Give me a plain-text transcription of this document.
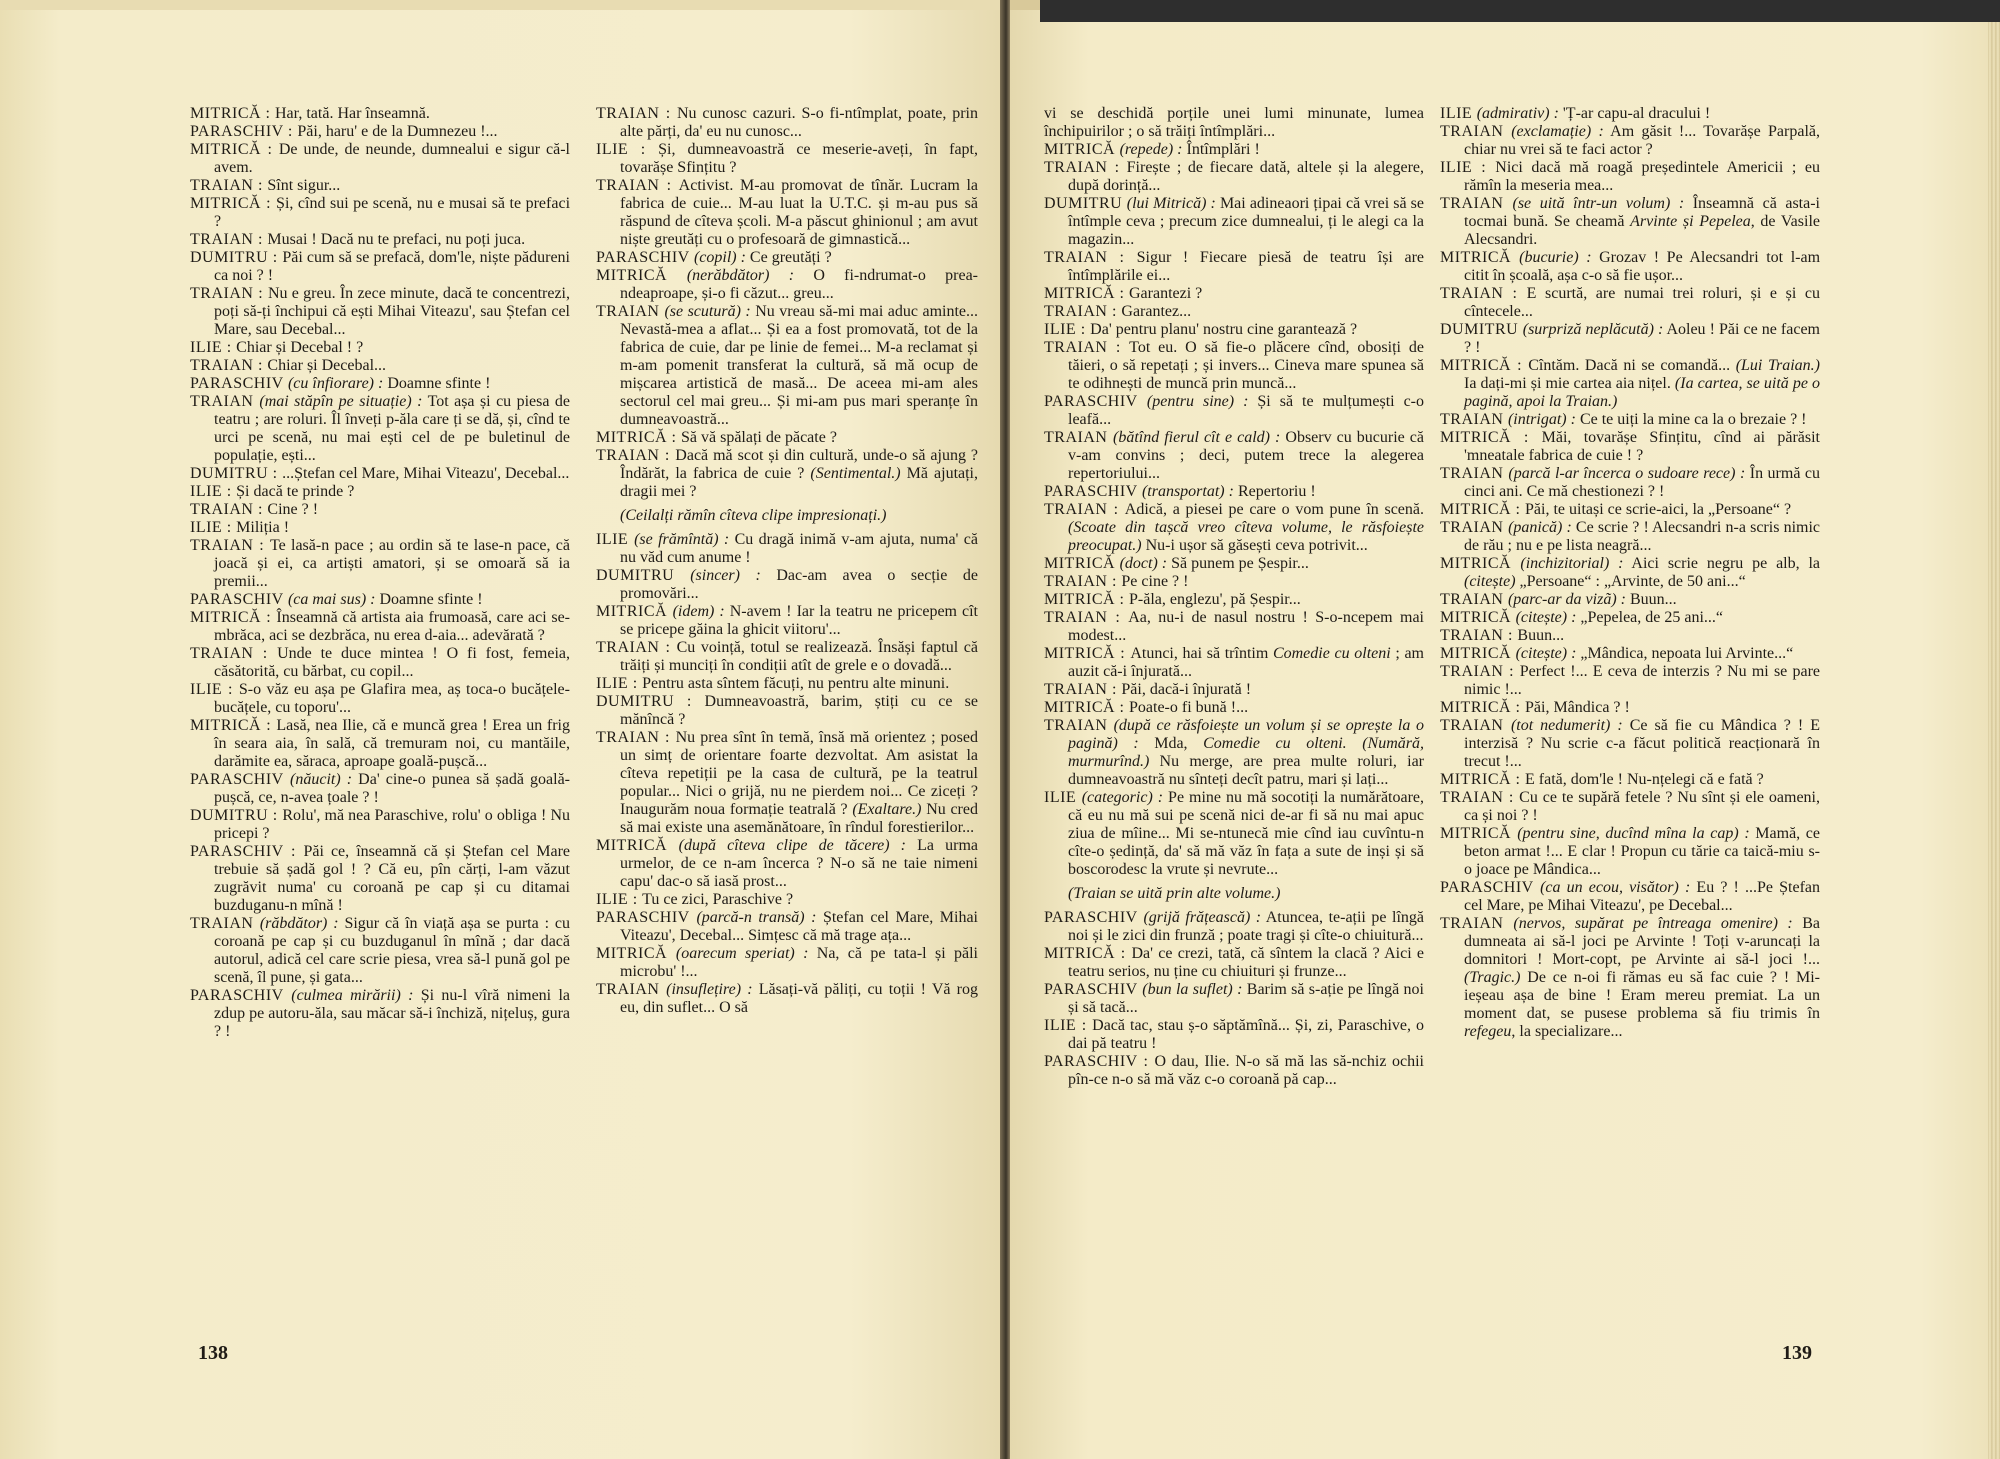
MITRICĂ : Har, tată. Har înseamnă.

PARASCHIV : Păi, haru' e de la Dumnezeu !...

MITRICĂ : De unde, de neunde, dumnealui e sigur că-l avem.

TRAIAN : Sînt sigur...

MITRICĂ : Și, cînd sui pe scenă, nu e musai să te prefaci ?

TRAIAN : Musai ! Dacă nu te prefaci, nu poți juca.

DUMITRU : Păi cum să se prefacă, dom'le, niște pădureni ca noi ? !

TRAIAN : Nu e greu. În zece minute, dacă te concentrezi, poți să-ți închipui că ești Mihai Viteazu', sau Ștefan cel Mare, sau Decebal...

ILIE : Chiar și Decebal ! ?

TRAIAN : Chiar și Decebal...

PARASCHIV (cu înfiorare) : Doamne sfinte !

TRAIAN (mai stăpîn pe situație) : Tot așa și cu piesa de teatru ; are roluri. Îl înveți p-ăla care ți se dă, și, cînd te urci pe scenă, nu mai ești cel de pe buletinul de populație, ești...

DUMITRU : ...Ștefan cel Mare, Mihai Viteazu', Decebal...

ILIE : Și dacă te prinde ?

TRAIAN : Cine ? !

ILIE : Miliția !

TRAIAN : Te lasă-n pace ; au ordin să te lase-n pace, că joacă și ei, ca artiști amatori, și se omoară să ia premii...

PARASCHIV (ca mai sus) : Doamne sfinte !

MITRICĂ : Înseamnă că artista aia frumoasă, care aci se-mbrăca, aci se dezbrăca, nu erea d-aia... adevărată ?

TRAIAN : Unde te duce mintea ! O fi fost, femeia, căsătorită, cu bărbat, cu copil...

ILIE : S-o văz eu așa pe Glafira mea, aș toca-o bucățele-bucățele, cu toporu'...

MITRICĂ : Lasă, nea Ilie, că e muncă grea ! Erea un frig în seara aia, în sală, că tremuram noi, cu mantăile, darămite ea, săraca, aproape goală-pușcă...

PARASCHIV (năucit) : Da' cine-o punea să șadă goală-pușcă, ce, n-avea țoale ? !

DUMITRU : Rolu', mă nea Paraschive, rolu' o obliga ! Nu pricepi ?

PARASCHIV : Păi ce, înseamnă că și Ștefan cel Mare trebuie să șadă gol ! ? Că eu, pîn cărți, l-am văzut zugrăvit numa' cu coroană pe cap și cu ditamai buzduganu-n mînă !

TRAIAN (răbdător) : Sigur că în viață așa se purta : cu coroană pe cap și cu buzduganul în mînă ; dar dacă autorul, adică cel care scrie piesa, vrea să-l pună gol pe scenă, îl pune, și gata...

PARASCHIV (culmea mirării) : Și nu-l vîră nimeni la zdup pe autoru-ăla, sau măcar să-i închiză, nițeluș, gura ? !

TRAIAN : Nu cunosc cazuri. S-o fi-ntîmplat, poate, prin alte părți, da' eu nu cunosc...

ILIE : Și, dumneavoastră ce meserie-aveți, în fapt, tovarășe Sfințitu ?

TRAIAN : Activist. M-au promovat de tînăr. Lucram la fabrica de cuie... M-au luat la U.T.C. și m-au pus să răspund de cîteva școli. M-a păscut ghinionul ; am avut niște greutăți cu o profesoară de gimnastică...

PARASCHIV (copil) : Ce greutăți ?

MITRICĂ (nerăbdător) : O fi-ndrumat-o prea-ndeaproape, și-o fi căzut... greu...

TRAIAN (se scutură) : Nu vreau să-mi mai aduc aminte... Nevastă-mea a aflat... Și ea a fost promovată, tot de la fabrica de cuie, dar pe linie de femei... M-a reclamat și m-am pomenit transferat la cultură, să mă ocup de mișcarea artistică de masă... De aceea mi-am ales sectorul cel mai greu... Și mi-am pus mari speranțe în dumneavoastră...

MITRICĂ : Să vă spălați de păcate ?

TRAIAN : Dacă mă scot și din cultură, unde-o să ajung ? Îndărăt, la fabrica de cuie ? (Sentimental.) Mă ajutați, dragii mei ?

(Ceilalți rămîn cîteva clipe impresionați.)

ILIE (se frămîntă) : Cu dragă inimă v-am ajuta, numa' că nu văd cum anume !

DUMITRU (sincer) : Dac-am avea o secție de promovări...

MITRICĂ (idem) : N-avem ! Iar la teatru ne pricepem cît se pricepe găina la ghicit viitoru'...

TRAIAN : Cu voință, totul se realizează. Însăși faptul că trăiți și munciți în condiții atît de grele e o dovadă...

ILIE : Pentru asta sîntem făcuți, nu pentru alte minuni.

DUMITRU : Dumneavoastră, barim, știți cu ce se mănîncă ?

TRAIAN : Nu prea sînt în temă, însă mă orientez ; posed un simț de orientare foarte dezvoltat. Am asistat la cîteva repetiții pe la casa de cultură, pe la teatrul popular... Nici o grijă, nu ne pierdem noi... Ce ziceți ? Inaugurăm noua formație teatrală ? (Exaltare.) Nu cred să mai existe una asemănătoare, în rîndul forestierilor...

MITRICĂ (după cîteva clipe de tăcere) : La urma urmelor, de ce n-am încerca ? N-o să ne taie nimeni capu' dac-o să iasă prost...

ILIE : Tu ce zici, Paraschive ?

PARASCHIV (parcă-n transă) : Ștefan cel Mare, Mihai Viteazu', Decebal... Simțesc că mă trage ața...

MITRICĂ (oarecum speriat) : Na, că pe tata-l și păli microbu' !...

TRAIAN (insuflețire) : Lăsați-vă păliți, cu toții ! Vă rog eu, din suflet... O să

138

vi se deschidă porțile unei lumi minunate, lumea închipuirilor ; o să trăiți întîmplări...

MITRICĂ (repede) : Întîmplări !

TRAIAN : Firește ; de fiecare dată, altele și la alegere, după dorință...

DUMITRU (lui Mitrică) : Mai adineaori țipai că vrei să se întîmple ceva ; precum zice dumnealui, ți le alegi ca la magazin...

TRAIAN : Sigur ! Fiecare piesă de teatru își are întîmplările ei...

MITRICĂ : Garantezi ?

TRAIAN : Garantez...

ILIE : Da' pentru planu' nostru cine garantează ?

TRAIAN : Tot eu. O să fie-o plăcere cînd, obosiți de tăieri, o să repetați ; și invers... Cineva mare spunea să te odihnești de muncă prin muncă...

PARASCHIV (pentru sine) : Și să te mulțumești c-o leafă...

TRAIAN (bătînd fierul cît e cald) : Observ cu bucurie că v-am convins ; deci, putem trece la alegerea repertoriului...

PARASCHIV (transportat) : Repertoriu !

TRAIAN : Adică, a piesei pe care o vom pune în scenă. (Scoate din tașcă vreo cîteva volume, le răsfoiește preocupat.) Nu-i ușor să găsești ceva potrivit...

MITRICĂ (doct) : Să punem pe Șespir...

TRAIAN : Pe cine ? !

MITRICĂ : P-ăla, englezu', pă Șespir...

TRAIAN : Aa, nu-i de nasul nostru ! S-o-ncepem mai modest...

MITRICĂ : Atunci, hai să trîntim Comedie cu olteni ; am auzit că-i înjurată...

TRAIAN : Păi, dacă-i înjurată !

MITRICĂ : Poate-o fi bună !...

TRAIAN (după ce răsfoiește un volum și se oprește la o pagină) : Mda, Comedie cu olteni. (Numără, murmurînd.) Nu merge, are prea multe roluri, iar dumneavoastră nu sînteți decît patru, mari și lați...

ILIE (categoric) : Pe mine nu mă socotiți la numărătoare, că eu nu mă sui pe scenă nici de-ar fi să nu mai apuc ziua de mîine... Mi se-ntunecă mie cînd iau cuvîntu-n cîte-o ședință, da' să mă văz în fața a sute de inși și să boscorodesc la vrute și nevrute...

(Traian se uită prin alte volume.)

PARASCHIV (grijă frățească) : Atuncea, te-ații pe lîngă noi și le zici din frunză ; poate tragi și cîte-o chiuitură...

MITRICĂ : Da' ce crezi, tată, că sîntem la clacă ? Aici e teatru serios, nu ține cu chiuituri și frunze...

PARASCHIV (bun la suflet) : Barim să s-ație pe lîngă noi și să tacă...

ILIE : Dacă tac, stau ș-o săptămînă... Și, zi, Paraschive, o dai pă teatru !

PARASCHIV : O dau, Ilie. N-o să mă las să-nchiz ochii pîn-ce n-o să mă văz c-o coroană pă cap...

ILIE (admirativ) : 'Ț-ar capu-al dracului !

TRAIAN (exclamație) : Am găsit !... Tovarășe Parpală, chiar nu vrei să te faci actor ?

ILIE : Nici dacă mă roagă președintele Americii ; eu rămîn la meseria mea...

TRAIAN (se uită într-un volum) : Înseamnă că asta-i tocmai bună. Se cheamă Arvinte și Pepelea, de Vasile Alecsandri.

MITRICĂ (bucurie) : Grozav ! Pe Alecsandri tot l-am citit în școală, așa c-o să fie ușor...

TRAIAN : E scurtă, are numai trei roluri, și e și cu cîntecele...

DUMITRU (surpriză neplăcută) : Aoleu ! Păi ce ne facem ? !

MITRICĂ : Cîntăm. Dacă ni se comandă... (Lui Traian.) Ia dați-mi și mie cartea aia nițel. (Ia cartea, se uită pe o pagină, apoi la Traian.)

TRAIAN (intrigat) : Ce te uiți la mine ca la o brezaie ? !

MITRICĂ : Măi, tovarășe Sfințitu, cînd ai părăsit 'mneatale fabrica de cuie ! ?

TRAIAN (parcă l-ar încerca o sudoare rece) : În urmă cu cinci ani. Ce mă chestionezi ? !

MITRICĂ : Păi, te uitași ce scrie-aici, la „Persoane“ ?

TRAIAN (panică) : Ce scrie ? ! Alecsandri n-a scris nimic de rău ; nu e pe lista neagră...

MITRICĂ (inchizitorial) : Aici scrie negru pe alb, la (citește) „Persoane“ : „Arvinte, de 50 ani...“

TRAIAN (parc-ar da vizã) : Buun...

MITRICĂ (citește) : „Pepelea, de 25 ani...“

TRAIAN : Buun...

MITRICĂ (citește) : „Mândica, nepoata lui Arvinte...“

TRAIAN : Perfect !... E ceva de interzis ? Nu mi se pare nimic !...

MITRICĂ : Păi, Mândica ? !

TRAIAN (tot nedumerit) : Ce să fie cu Mândica ? ! E interzisă ? Nu scrie c-a făcut politică reacționară în trecut !...

MITRICĂ : E fată, dom'le ! Nu-nțelegi că e fată ?

TRAIAN : Cu ce te supără fetele ? Nu sînt și ele oameni, ca și noi ? !

MITRICĂ (pentru sine, ducînd mîna la cap) : Mamă, ce beton armat !... E clar ! Propun cu tărie ca taică-miu s-o joace pe Mândica...

PARASCHIV (ca un ecou, visător) : Eu ? ! ...Pe Ștefan cel Mare, pe Mihai Viteazu', pe Decebal...

TRAIAN (nervos, supărat pe întreaga omenire) : Ba dumneata ai să-l joci pe Arvinte ! Toți v-aruncați la domnitori ! Mort-copt, pe Arvinte ai să-l joci !... (Tragic.) De ce n-oi fi rămas eu să fac cuie ? ! Mi-ieșeau așa de bine ! Eram mereu premiat. La un moment dat, se pusese problema să fiu trimis în refegeu, la specializare...

139
